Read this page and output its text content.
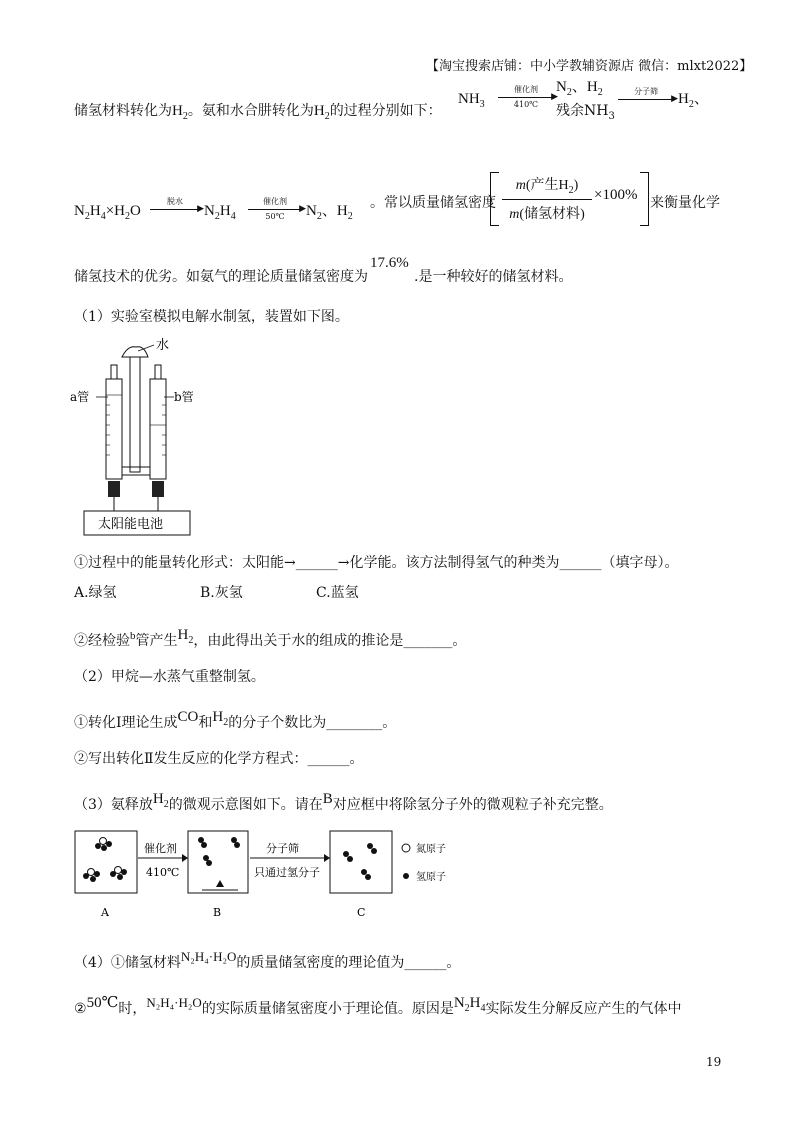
【淘宝搜索店铺：中小学教辅资源店 微信：mlxt2022】
储氢材料转化为$H_2$。氨和水合肼转化为$H_2$的过程分别如下：
$NH_3$
催化剂
▶
410℃
$N_2$、$H_2$
残余$NH_3$
分子筛
▶ $H_2$、
$N_2H_4\times H_2O$
脱水
▶ $N_2H_4$
催化剂
▶
50℃	$N_2$、$H_2$
。常以质量储氢密度
m(产生$H_2$)
m(储氢材料)
×100% 来衡量化学
储氢技术的优劣。如氨气的理论质量储氢密度为
17.6%
.是一种较好的储氢材料。
（1）实验室模拟电解水制氢，装置如下图。
水
太阳能电池
a管	b管
①过程中的能量转化形式：太阳能→______→化学能。该方法制得氢气的种类为______（填字母）。
A.绿氢	B.灰氢	C.蓝氢
②经检验$^b$管产生$H_2$，由此得出关于水的组成的推论是_______。
（2）甲烷—水蒸气重整制氢。
①转化Ⅰ理论生成CO和$H_2$的分子个数比为________。
②写出转化Ⅱ发生反应的化学方程式：______。
（3）氨释放$H_2$的微观示意图如下。请在B对应框中将除氢分子外的微观粒子补充完整。
催化剂
410℃
分子筛
只通过氢分子
氮原子
氢原子
A	B	C
（4）①储氢材料N₂H₄·H₂O的质量储氢密度的理论值为______。
②50℃时，N₂H₄·H₂O的实际质量储氢密度小于理论值。原因是$N_2H_4$实际发生分解反应产生的气体中
19
